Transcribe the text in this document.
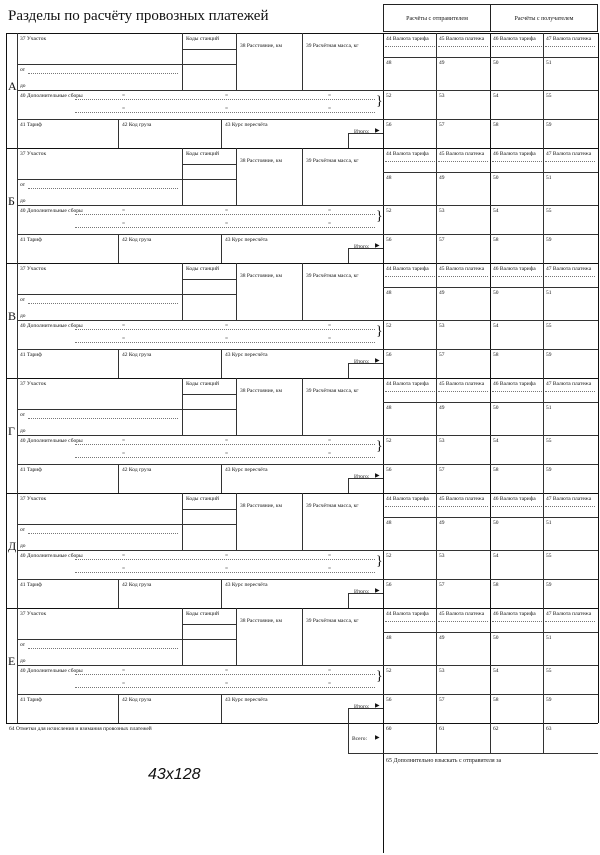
Разделы по расчёту провозных платежей	Расчёты с отправителем	Расчёты с получателем
А
37 Участок	Коды станций
38 Расстояние, км	39 Расчётная масса, кг
от
до
40 Дополнительные сборы	=
=
=
=
=
=	}
41 Тариф	42 Код груза	43 Курс пересчёта
Итого: ▶
44 Валюта тарифа 45 Валюта платежа 46 Валюта тарифа 47 Валюта платежа
48	49	50	51
52	53	54	55
56	57	58	59
Б
37 Участок	Коды станций
38 Расстояние, км	39 Расчётная масса, кг
от
до
40 Дополнительные сборы	=
=
=
=
=
=	}
41 Тариф	42 Код груза	43 Курс пересчёта
Итого: ▶
44 Валюта тарифа 45 Валюта платежа 46 Валюта тарифа 47 Валюта платежа
48	49	50	51
52	53	54	55
56	57	58	59
В
37 Участок	Коды станций
38 Расстояние, км	39 Расчётная масса, кг
от
до
40 Дополнительные сборы	=
=
=
=
=
=	}
41 Тариф	42 Код груза	43 Курс пересчёта
Итого: ▶
44 Валюта тарифа 45 Валюта платежа 46 Валюта тарифа 47 Валюта платежа
48	49	50	51
52	53	54	55
56	57	58	59
Г
37 Участок	Коды станций
38 Расстояние, км	39 Расчётная масса, кг
от
до
40 Дополнительные сборы	=
=
=
=
=
=	}
41 Тариф	42 Код груза	43 Курс пересчёта
Итого: ▶
44 Валюта тарифа 45 Валюта платежа 46 Валюта тарифа 47 Валюта платежа
48	49	50	51
52	53	54	55
56	57	58	59
Д
37 Участок	Коды станций
38 Расстояние, км	39 Расчётная масса, кг
от
до
40 Дополнительные сборы	=
=
=
=
=
=	}
41 Тариф	42 Код груза	43 Курс пересчёта
Итого: ▶
44 Валюта тарифа 45 Валюта платежа 46 Валюта тарифа 47 Валюта платежа
48	49	50	51
52	53	54	55
56	57	58	59
Е
37 Участок	Коды станций
38 Расстояние, км	39 Расчётная масса, кг
от
до
40 Дополнительные сборы	=
=
=
=
=
=	}
41 Тариф	42 Код груза	43 Курс пересчёта
Итого: ▶
44 Валюта тарифа 45 Валюта платежа 46 Валюта тарифа 47 Валюта платежа
48	49	50	51
52	53	54	55
56	57	58	59
64 Отметки для исчисления и взимания провозных платежей
Всего: ▶
60	61	62	63
65 Дополнительно взыскать с отправителя за
43x128
